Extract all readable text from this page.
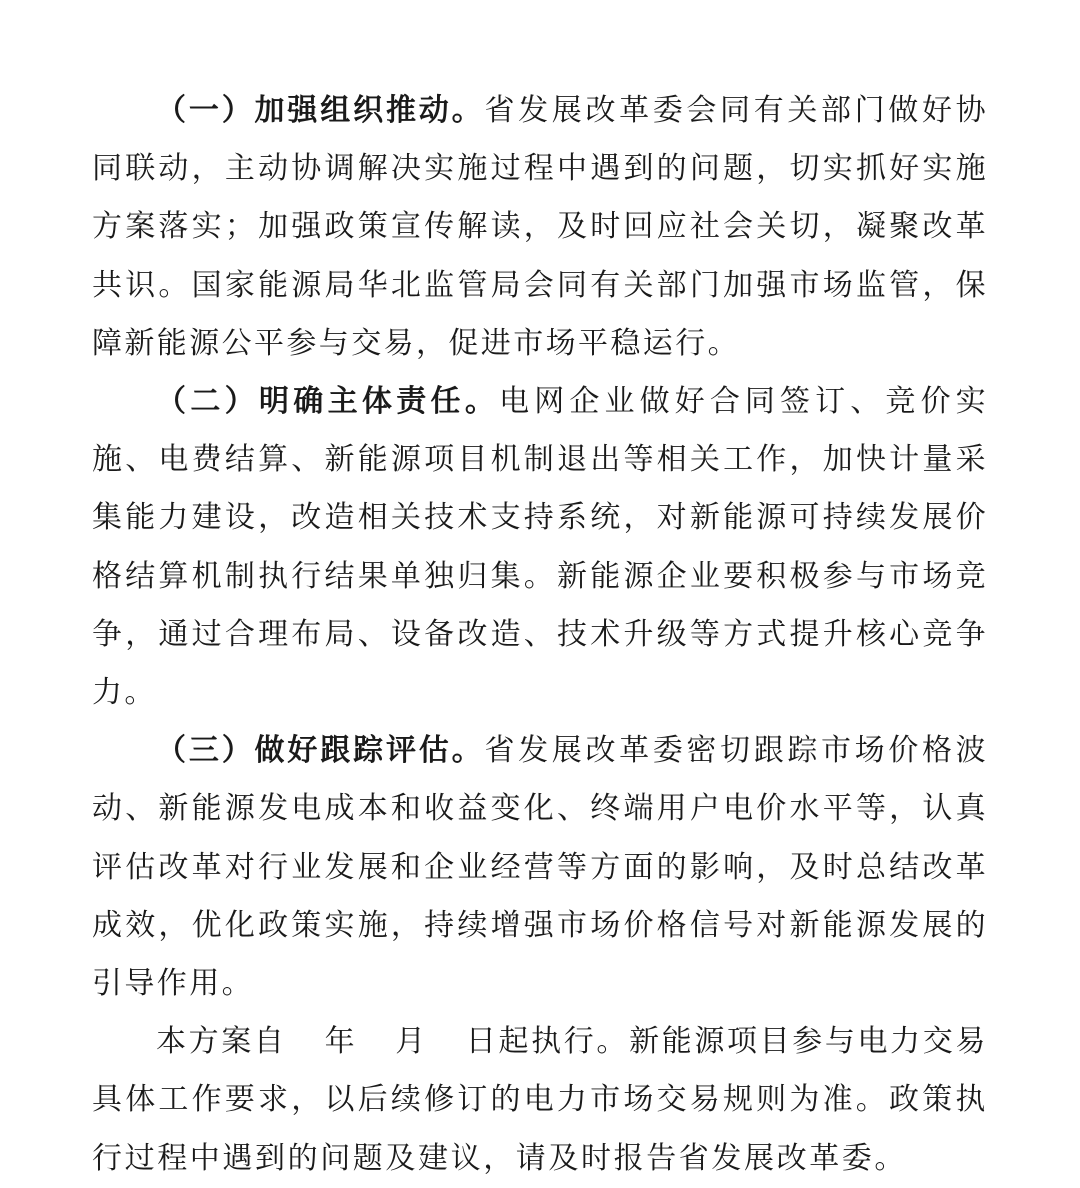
（一）加强组织推动。省发展改革委会同有关部门做好协同联动，主动协调解决实施过程中遇到的问题，切实抓好实施方案落实；加强政策宣传解读，及时回应社会关切，凝聚改革共识。国家能源局华北监管局会同有关部门加强市场监管，保障新能源公平参与交易，促进市场平稳运行。

（二）明确主体责任。电网企业做好合同签订、竞价实施、电费结算、新能源项目机制退出等相关工作，加快计量采集能力建设，改造相关技术支持系统，对新能源可持续发展价格结算机制执行结果单独归集。新能源企业要积极参与市场竞争，通过合理布局、设备改造、技术升级等方式提升核心竞争力。

（三）做好跟踪评估。省发展改革委密切跟踪市场价格波动、新能源发电成本和收益变化、终端用户电价水平等，认真评估改革对行业发展和企业经营等方面的影响，及时总结改革成效，优化政策实施，持续增强市场价格信号对新能源发展的引导作用。

本方案自 年 月 日起执行。新能源项目参与电力交易具体工作要求，以后续修订的电力市场交易规则为准。政策执行过程中遇到的问题及建议，请及时报告省发展改革委。
